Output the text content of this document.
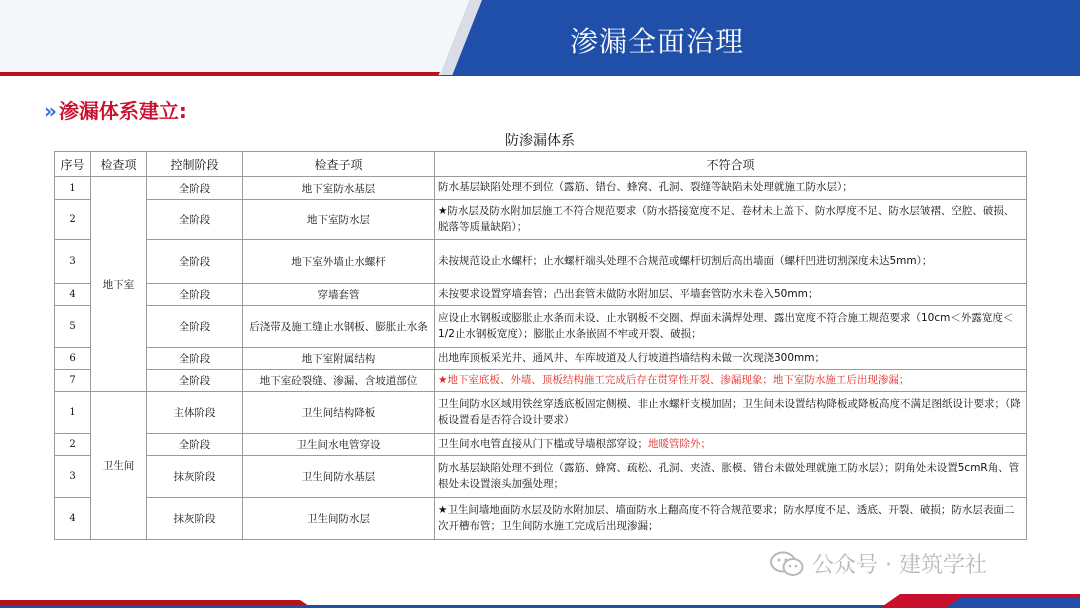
渗漏全面治理
» 渗漏体系建立:
防渗漏体系
序号	检查项	控制阶段	检查子项	不符合项
1	地下室	全阶段	地下室防水基层	防水基层缺陷处理不到位（露筋、错台、蜂窝、孔洞、裂缝等缺陷未处理就施工防水层）；
2		全阶段	地下室防水层	★防水层及防水附加层施工不符合规范要求（防水搭接宽度不足、卷材未上盖下、防水厚度不足、防水层皱褶、空腔、破损、脱落等质量缺陷）；
3		全阶段	地下室外墙止水螺杆	未按规范设止水螺杆；止水螺杆端头处理不合规范或螺杆切割后高出墙面（螺杆凹进切割深度未达5mm）；
4		全阶段	穿墙套管	未按要求设置穿墙套管；凸出套管未做防水附加层、平墙套管防水未卷入50mm；
5		全阶段	后浇带及施工缝止水钢板、膨胀止水条	应设止水钢板或膨胀止水条而未设、止水钢板不交圈、焊面未满焊处理、露出宽度不符合施工规范要求（10cm＜外露宽度＜1/2止水钢板宽度）；膨胀止水条嵌固不牢或开裂、破损；
6		全阶段	地下室附属结构	出地库顶板采光井、通风井、车库坡道及人行坡道挡墙结构未做一次现浇300mm；
7		全阶段	地下室砼裂缝、渗漏、含坡道部位	★地下室底板、外墙、顶板结构施工完成后存在贯穿性开裂、渗漏现象；地下室防水施工后出现渗漏；
1	卫生间	主体阶段	卫生间结构降板	卫生间防水区域用铁丝穿透底板固定侧模、非止水螺杆支模加固；卫生间未设置结构降板或降板高度不满足图纸设计要求；（降板设置看是否符合设计要求）
2		全阶段	卫生间水电管穿设	卫生间水电管直接从门下槛或导墙根部穿设；地暖管除外；
3		抹灰阶段	卫生间防水基层	防水基层缺陷处理不到位（露筋、蜂窝、疏松、孔洞、夹渣、胀模、错台未做处理就施工防水层）；阴角处未设置5cmR角、管根处未设置滚头加强处理；
4		抹灰阶段	卫生间防水层	★卫生间墙地面防水层及防水附加层、墙面防水上翻高度不符合规范要求；防水厚度不足、透底、开裂、破损；防水层表面二次开槽布管；卫生间防水施工完成后出现渗漏；
公众号 · 建筑学社
